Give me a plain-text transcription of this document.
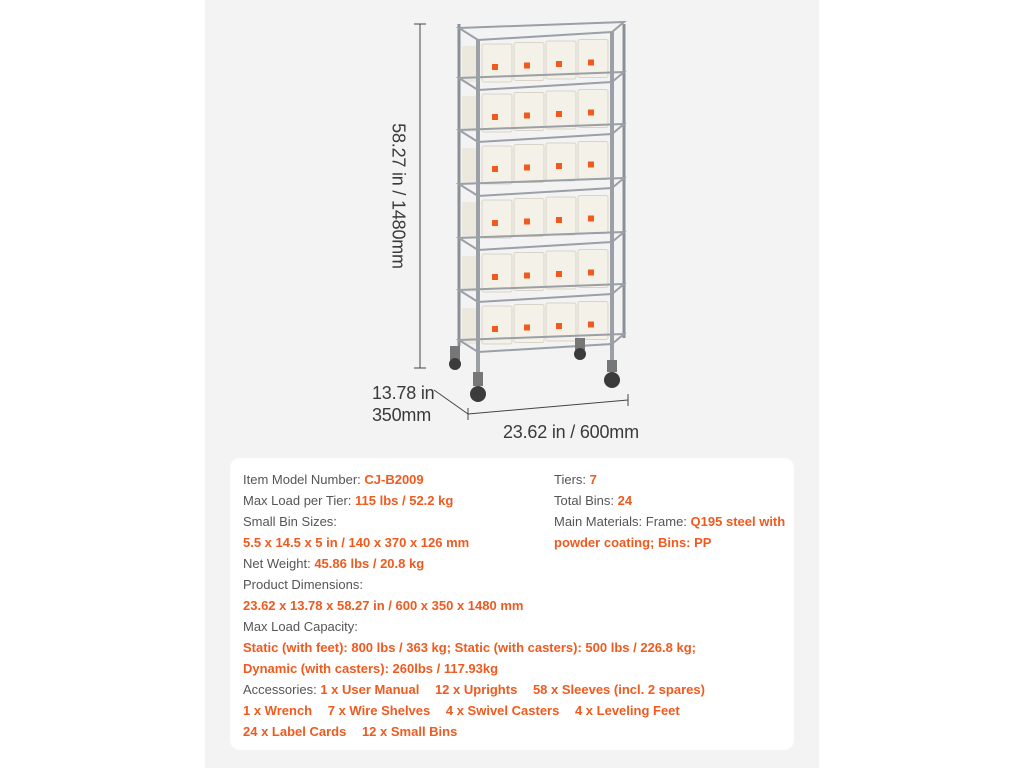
58.27 in / 1480mm
13.78 in
350mm
23.62 in / 600mm
Item Model Number: CJ-B2009
Max Load per Tier: 115 lbs / 52.2 kg
Small Bin Sizes:
5.5 x 14.5 x 5 in / 140 x 370 x 126 mm
Net Weight: 45.86 lbs / 20.8 kg
Tiers: 7
Total Bins: 24
Main Materials: Frame: Q195 steel with
powder coating; Bins: PP
Product Dimensions:
23.62 x 13.78 x 58.27 in / 600 x 350 x 1480 mm
Max Load Capacity:
Static (with feet): 800 lbs / 363 kg; Static (with casters): 500 lbs / 226.8 kg;
Dynamic (with casters): 260lbs / 117.93kg
Accessories: 1 x User Manual 12 x Uprights 58 x Sleeves (incl. 2 spares)
1 x Wrench 7 x Wire Shelves 4 x Swivel Casters 4 x Leveling Feet
24 x Label Cards 12 x Small Bins
